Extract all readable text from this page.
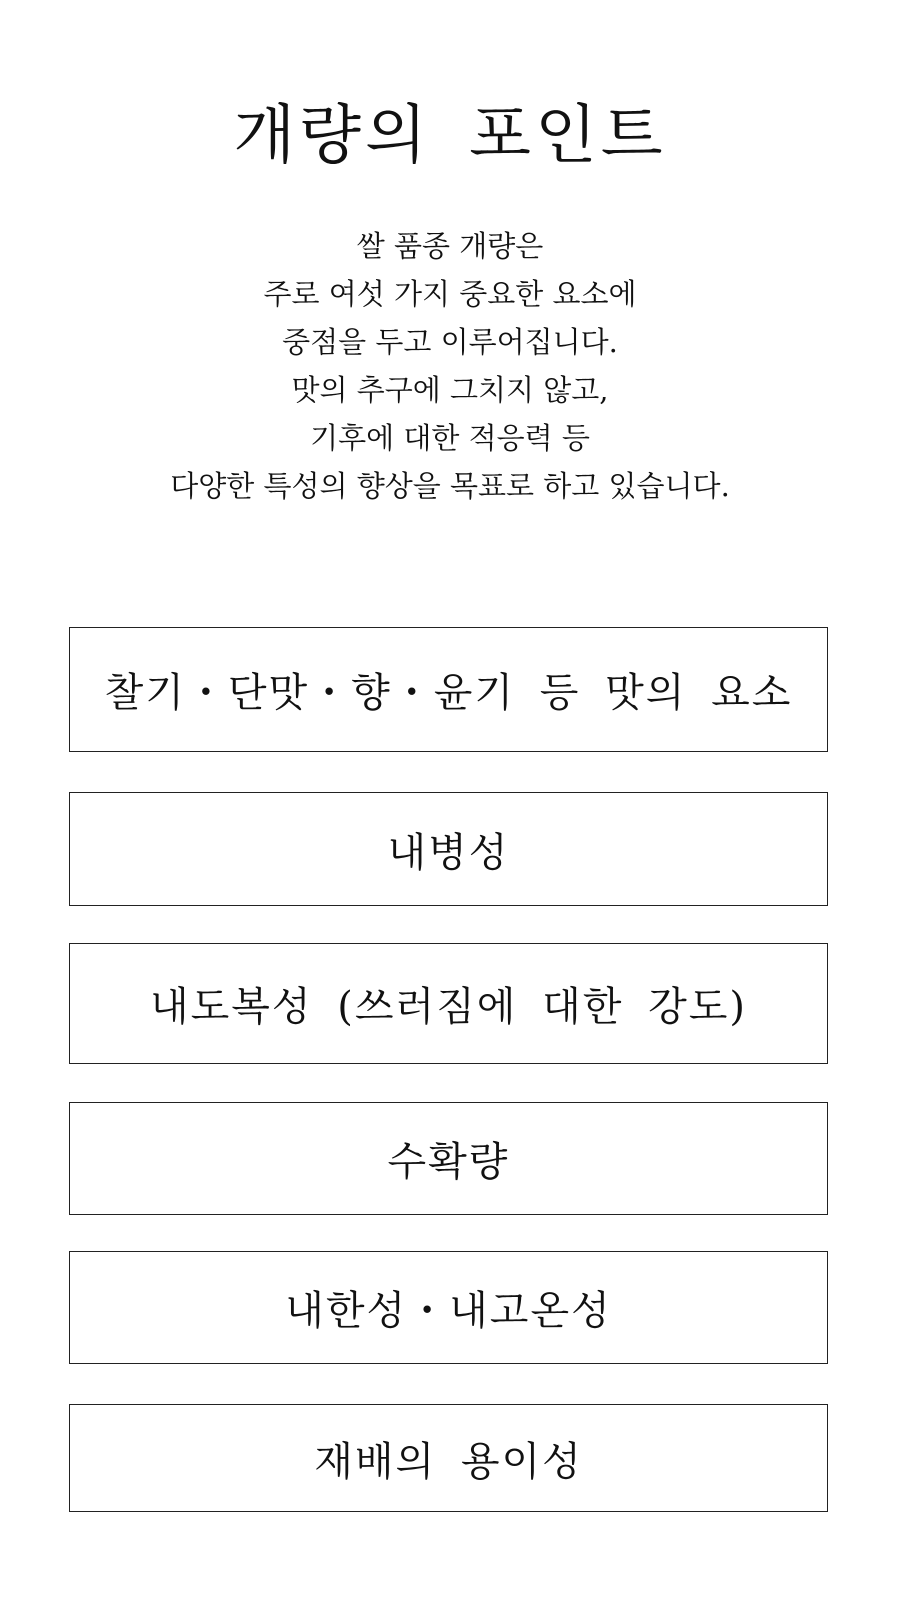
개량의 포인트
쌀 품종 개량은
주로 여섯 가지 중요한 요소에
중점을 두고 이루어집니다.
맛의 추구에 그치지 않고,
기후에 대한 적응력 등
다양한 특성의 향상을 목표로 하고 있습니다.
찰기・단맛・향・윤기 등 맛의 요소
내병성
내도복성 (쓰러짐에 대한 강도)
수확량
내한성・내고온성
재배의 용이성
